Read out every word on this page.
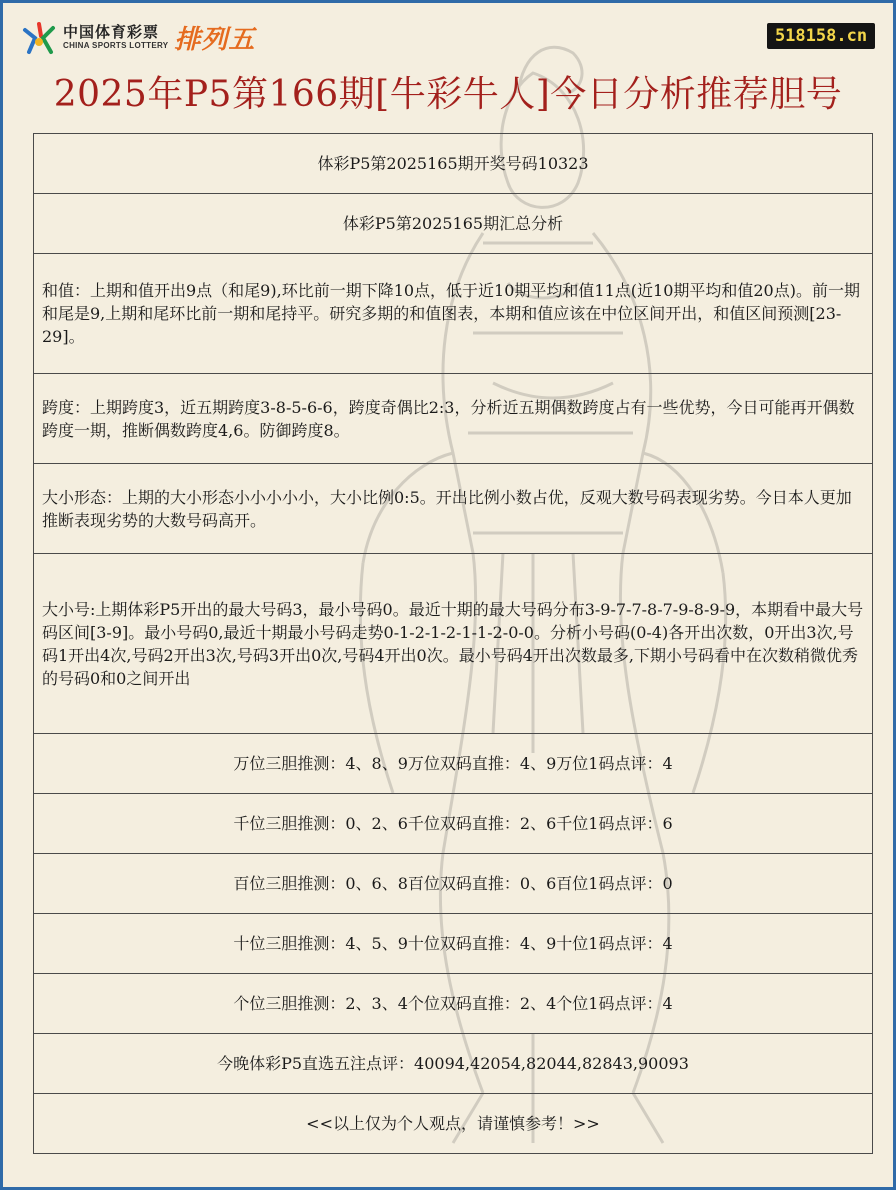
中国体育彩票
CHINA SPORTS LOTTERY 排列五	518158.cn
2025年P5第166期[牛彩牛人]今日分析推荐胆号
体彩P5第2025165期开奖号码10323
体彩P5第2025165期汇总分析
和值：上期和值开出9点（和尾9),环比前一期下降10点，低于近10期平均和值11点(近10期平均和值20点)。前一期和尾是9,上期和尾环比前一期和尾持平。研究多期的和值图表，本期和值应该在中位区间开出，和值区间预测[23-29]。
跨度：上期跨度3，近五期跨度3-8-5-6-6，跨度奇偶比2:3，分析近五期偶数跨度占有一些优势，今日可能再开偶数跨度一期，推断偶数跨度4,6。防御跨度8。
大小形态：上期的大小形态小小小小小，大小比例0:5。开出比例小数占优，反观大数号码表现劣势。今日本人更加推断表现劣势的大数号码高开。
大小号:上期体彩P5开出的最大号码3，最小号码0。最近十期的最大号码分布3-9-7-7-8-7-9-8-9-9，本期看中最大号码区间[3-9]。最小号码0,最近十期最小号码走势0-1-2-1-2-1-1-2-0-0。分析小号码(0-4)各开出次数，0开出3次,号码1开出4次,号码2开出3次,号码3开出0次,号码4开出0次。最小号码4开出次数最多,下期小号码看中在次数稍微优秀的号码0和0之间开出
万位三胆推测：4、8、9万位双码直推：4、9万位1码点评：4
千位三胆推测：0、2、6千位双码直推：2、6千位1码点评：6
百位三胆推测：0、6、8百位双码直推：0、6百位1码点评：0
十位三胆推测：4、5、9十位双码直推：4、9十位1码点评：4
个位三胆推测：2、3、4个位双码直推：2、4个位1码点评：4
今晚体彩P5直选五注点评：40094,42054,82044,82843,90093
<<以上仅为个人观点，请谨慎参考！>>
